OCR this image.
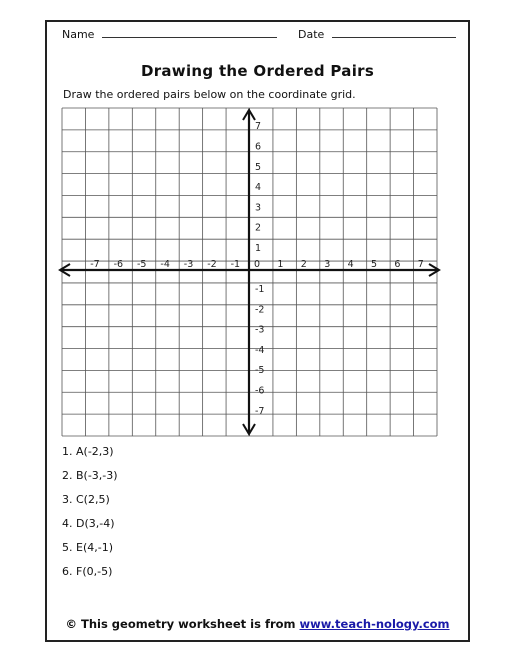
Name	Date
Drawing the Ordered Pairs
Draw the ordered pairs below on the coordinate grid.
-7 -6 -5 -4 -3 -2 -1 0 1 2 3 4 5 6 7
7
6
5
4
3
2
1
-1
-2
-3
-4
-5
-6
-7
1. A(-2,3)
2. B(-3,-3)
3. C(2,5)
4. D(3,-4)
5. E(4,-1)
6. F(0,-5)
© This geometry worksheet is from www.teach-nology.com
